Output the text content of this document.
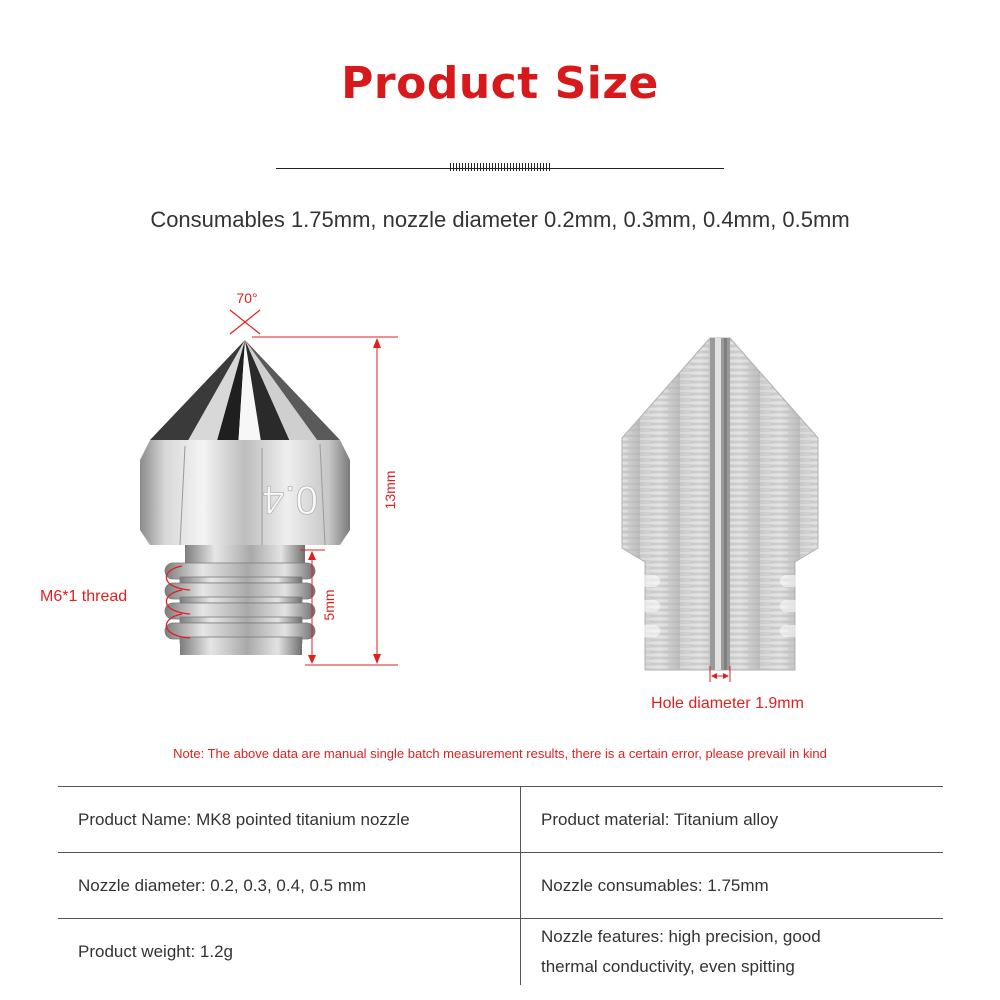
Product Size
Consumables 1.75mm, nozzle diameter 0.2mm, 0.3mm, 0.4mm, 0.5mm
0.4
70°
13mm
5mm
M6*1 thread
Hole diameter 1.9mm
Note: The above data are manual single batch measurement results, there is a certain error, please prevail in kind
Product Name: MK8 pointed titanium nozzle	Product material: Titanium alloy
Nozzle diameter: 0.2, 0.3, 0.4, 0.5 mm	Nozzle consumables: 1.75mm
Product weight: 1.2g	Nozzle features: high precision, good
thermal conductivity, even spitting
